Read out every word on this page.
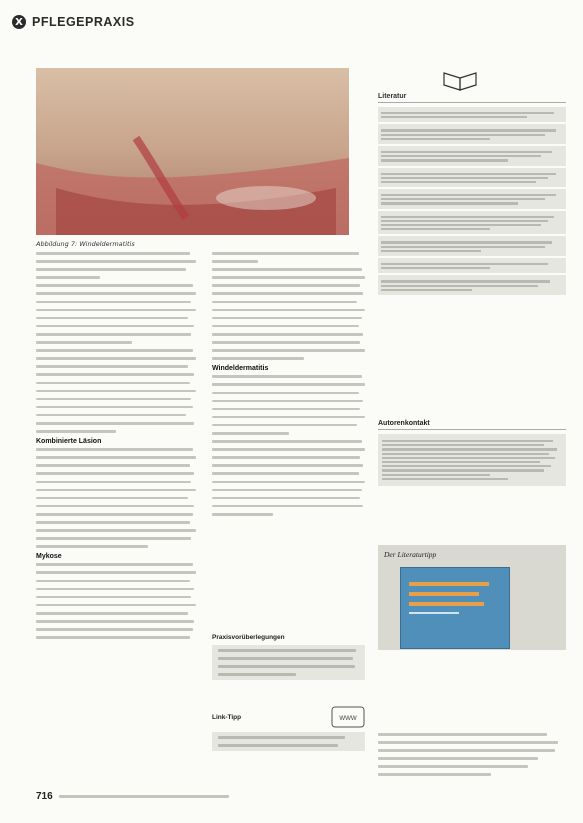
X PFLEGEPRAXIS
Abbildung 7: Windeldermatitis
Kombinierte Läsion
Mykose
Windeldermatitis
Praxisvorüberlegungen
Link-Tipp	www
Literatur
Autorenkontakt
Der Literaturtipp
716
